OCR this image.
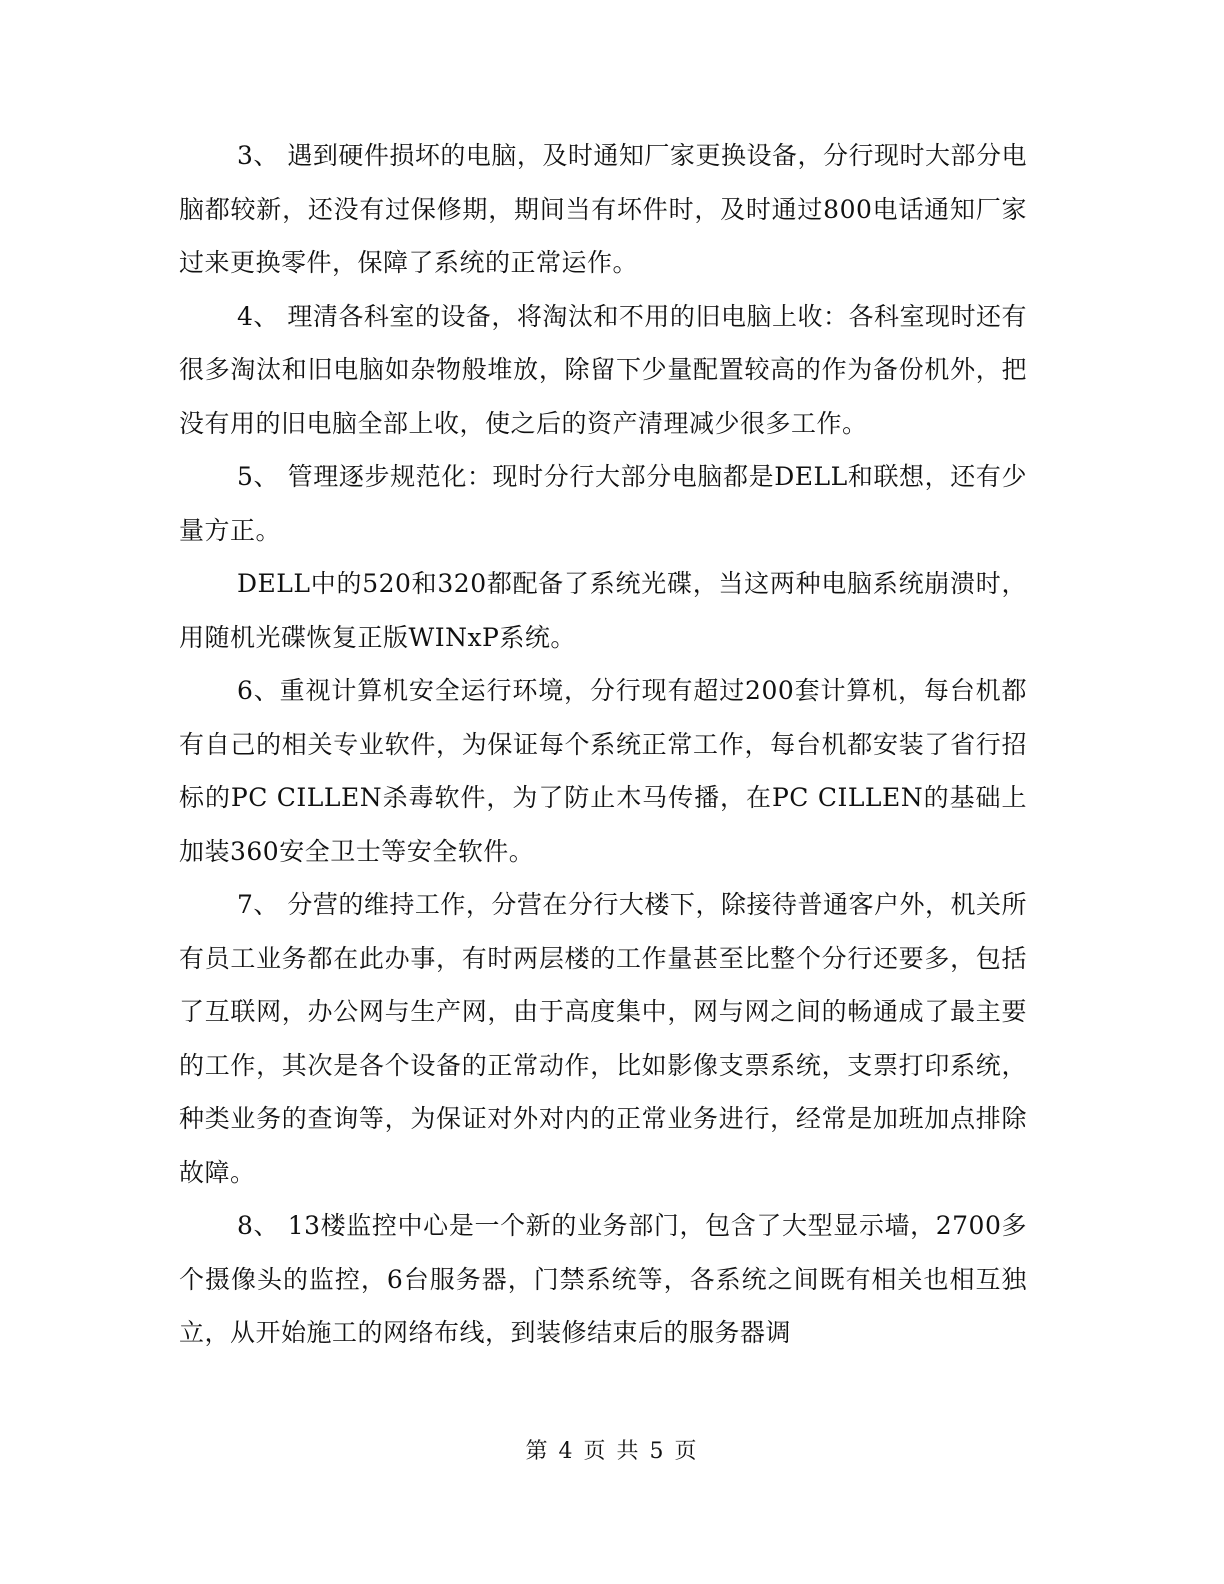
3、 遇到硬件损坏的电脑，及时通知厂家更换设备，分行现时大部分电脑都较新，还没有过保修期，期间当有坏件时，及时通过800电话通知厂家过来更换零件，保障了系统的正常运作。

4、 理清各科室的设备，将淘汰和不用的旧电脑上收：各科室现时还有很多淘汰和旧电脑如杂物般堆放，除留下少量配置较高的作为备份机外，把没有用的旧电脑全部上收，使之后的资产清理减少很多工作。

5、 管理逐步规范化：现时分行大部分电脑都是DELL和联想，还有少量方正。

DELL中的520和320都配备了系统光碟，当这两种电脑系统崩溃时，用随机光碟恢复正版WINxP系统。

6、重视计算机安全运行环境，分行现有超过200套计算机，每台机都有自己的相关专业软件，为保证每个系统正常工作，每台机都安装了省行招标的PC CILLEN杀毒软件，为了防止木马传播，在PC CILLEN的基础上加装360安全卫士等安全软件。

7、 分营的维持工作，分营在分行大楼下，除接待普通客户外，机关所有员工业务都在此办事，有时两层楼的工作量甚至比整个分行还要多，包括了互联网，办公网与生产网，由于高度集中，网与网之间的畅通成了最主要的工作，其次是各个设备的正常动作，比如影像支票系统，支票打印系统，种类业务的查询等，为保证对外对内的正常业务进行，经常是加班加点排除故障。

8、 13楼监控中心是一个新的业务部门，包含了大型显示墙，2700多个摄像头的监控，6台服务器，门禁系统等，各系统之间既有相关也相互独立，从开始施工的网络布线，到装修结束后的服务器调

第 4 页 共 5 页
